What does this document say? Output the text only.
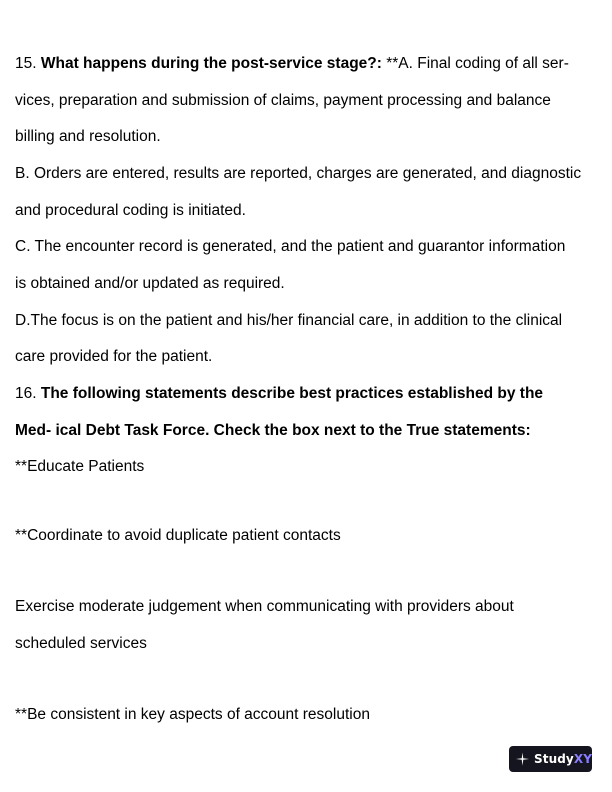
15. What happens during the post-service stage?: **A. Final coding of all ser-

vices, preparation and submission of claims, payment processing and balance

billing and resolution.

B. Orders are entered, results are reported, charges are generated, and diagnostic

and procedural coding is initiated.

C. The encounter record is generated, and the patient and guarantor information

is obtained and/or updated as required.

D.The focus is on the patient and his/her financial care, in addition to the clinical

care provided for the patient.

16. The following statements describe best practices established by the

Med- ical Debt Task Force. Check the box next to the True statements:

**Educate Patients

**Coordinate to avoid duplicate patient contacts

Exercise moderate judgement when communicating with providers about

scheduled services

**Be consistent in key aspects of account resolution

StudyXY
